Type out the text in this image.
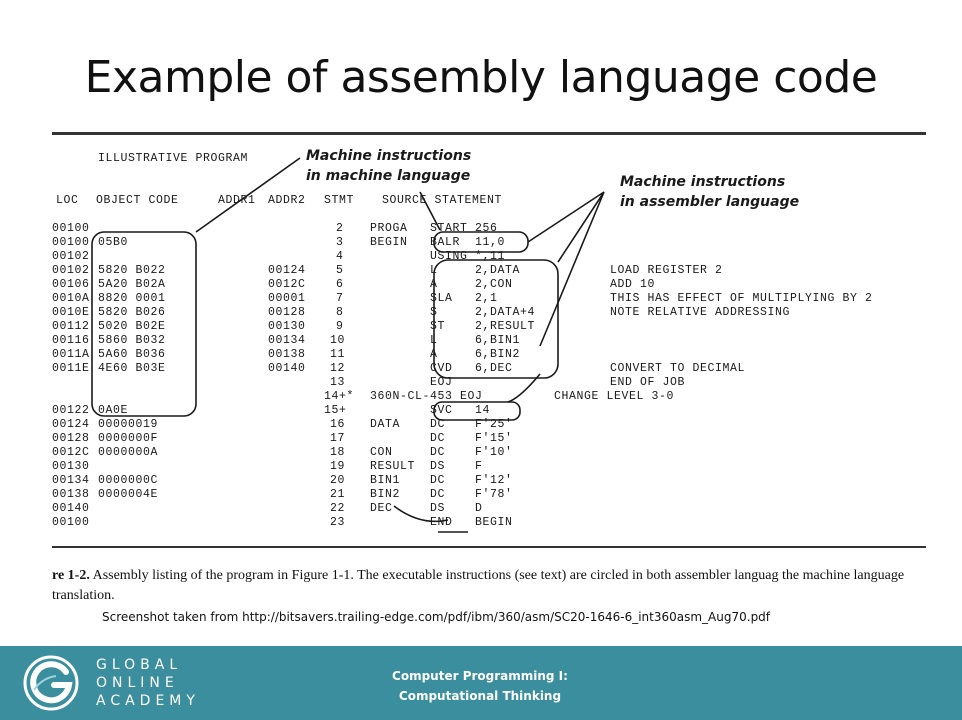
Example of assembly language code
ILLUSTRATIVE PROGRAM	Machine instructions
in machine language	Machine instructions
in assembler language
LOC OBJECT CODE	ADDR1 ADDR2 STMT SOURCE STATEMENT
00100	2 PROGA   START 256
00100 05B0	3 BEGIN   BALR  11,0
00102	4 USING *,11
00102 5820 B022	00124	5 L     2,DATA	LOAD REGISTER 2
00106 5A20 B02A	0012C	6 A     2,CON	ADD 10
0010A 8820 0001	00001	7 SLA   2,1	THIS HAS EFFECT OF MULTIPLYING BY 2
0010E 5820 B026	00128	8 S     2,DATA+4	NOTE RELATIVE ADDRESSING
00112 5020 B02E	00130	9 ST    2,RESULT
00116 5860 B032	00134 10 L     6,BIN1
0011A 5A60 B036	00138 11 A     6,BIN2
0011E 4E60 B03E	00140 12 CVD   6,DEC	CONVERT TO DECIMAL
13 EOJ	END OF JOB
14+* 360N-CL-453 EOJ	CHANGE LEVEL 3-0
00122 0A0E	15+ SVC   14
00124 00000019	16 DATA    DC    F'25'
00128 0000000F	17 DC    F'15'
0012C 0000000A	18 CON     DC    F'10'
00130	19 RESULT  DS    F
00134 0000000C	20 BIN1    DC    F'12'
00138 0000004E	21 BIN2    DC    F'78'
00140	22 DEC     DS    D
00100	23 END   BEGIN
re 1-2. Assembly listing of the program in Figure 1-1. The executable instructions (see text) are circled in both assembler languag the machine language translation.
Screenshot taken from http://bitsavers.trailing-edge.com/pdf/ibm/360/asm/SC20-1646-6_int360asm_Aug70.pdf
GLOBAL
ONLINE
ACADEMY
Computer Programming I:
Computational Thinking
